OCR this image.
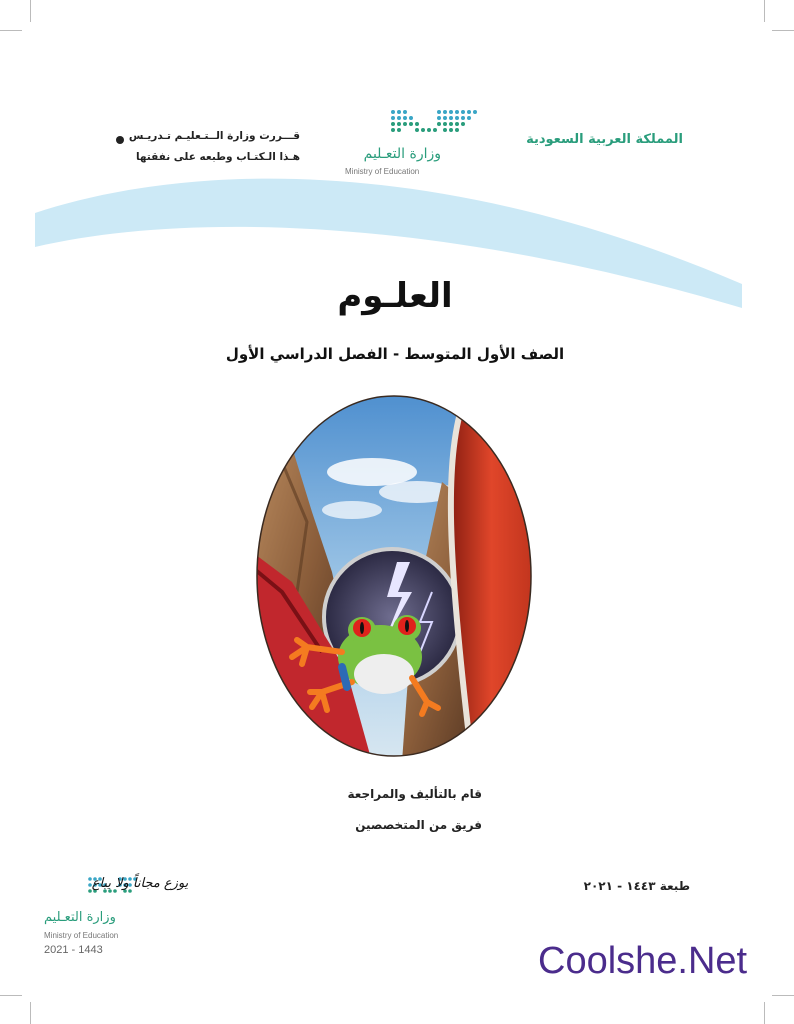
المملكة العربية السعودية
وزارة التعـليم
Ministry of Education
قـــررت وزارة الــتـعليـم تـدريـس
هـذا الـكتـاب وطبعه على نفقتها
العلـوم
الصف الأول المتوسط - الفصل الدراسي الأول
قام بالتأليف والمراجعة
فريق من المتخصصين
طبعة ١٤٤٣ - ٢٠٢١
يوزع مجاناً ولا يباع
وزارة التعـليم
Ministry of Education
2021 - 1443	Coolshe.Net
